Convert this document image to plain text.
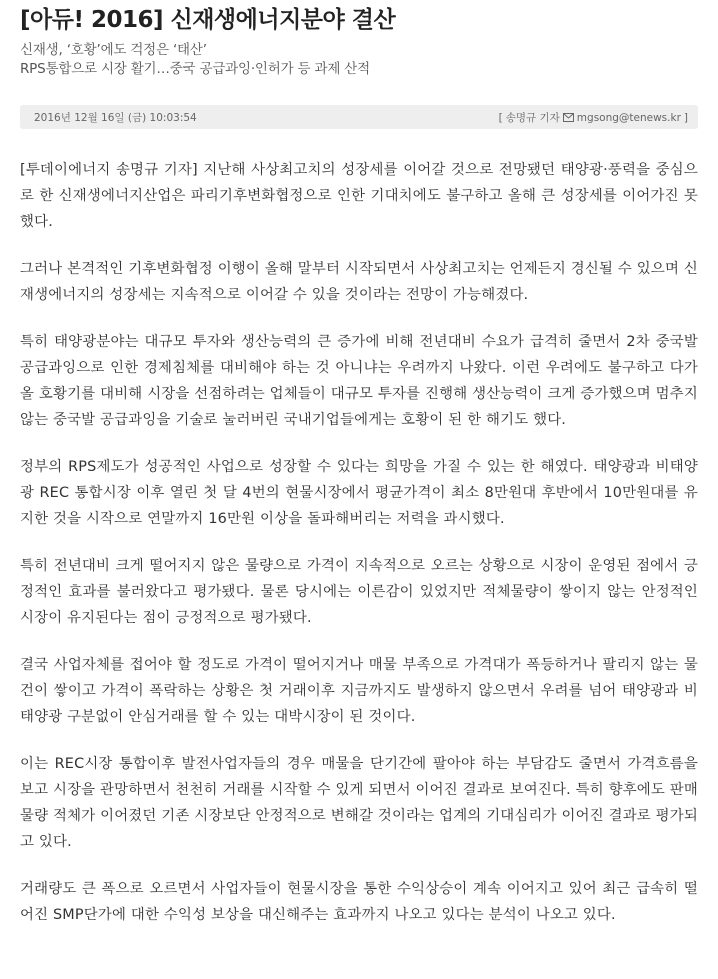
[아듀! 2016] 신재생에너지분야 결산
신재생, ‘호황’에도 걱정은 ‘태산’
RPS통합으로 시장 활기…중국 공급과잉·인허가 등 과제 산적
2016년 12월 16일 (금) 10:03:54	[ 송명규 기자 mgsong@tenews.kr ]

[투데이에너지 송명규 기자] 지난해 사상최고치의 성장세를 이어갈 것으로 전망됐던 태양광·풍력을 중심으로 한 신재생에너지산업은 파리기후변화협정으로 인한 기대치에도 불구하고 올해 큰 성장세를 이어가진 못했다.

그러나 본격적인 기후변화협정 이행이 올해 말부터 시작되면서 사상최고치는 언제든지 경신될 수 있으며 신재생에너지의 성장세는 지속적으로 이어갈 수 있을 것이라는 전망이 가능해졌다.

특히 태양광분야는 대규모 투자와 생산능력의 큰 증가에 비해 전년대비 수요가 급격히 줄면서 2차 중국발 공급과잉으로 인한 경제침체를 대비해야 하는 것 아니냐는 우려까지 나왔다. 이런 우려에도 불구하고 다가올 호황기를 대비해 시장을 선점하려는 업체들이 대규모 투자를 진행해 생산능력이 크게 증가했으며 멈추지 않는 중국발 공급과잉을 기술로 눌러버린 국내기업들에게는 호황이 된 한 해기도 했다.

정부의 RPS제도가 성공적인 사업으로 성장할 수 있다는 희망을 가질 수 있는 한 해였다. 태양광과 비태양광 REC 통합시장 이후 열린 첫 달 4번의 현물시장에서 평균가격이 최소 8만원대 후반에서 10만원대를 유지한 것을 시작으로 연말까지 16만원 이상을 돌파해버리는 저력을 과시했다.

특히 전년대비 크게 떨어지지 않은 물량으로 가격이 지속적으로 오르는 상황으로 시장이 운영된 점에서 긍정적인 효과를 불러왔다고 평가됐다. 물론 당시에는 이른감이 있었지만 적체물량이 쌓이지 않는 안정적인 시장이 유지된다는 점이 긍정적으로 평가됐다.

결국 사업자체를 접어야 할 정도로 가격이 떨어지거나 매물 부족으로 가격대가 폭등하거나 팔리지 않는 물건이 쌓이고 가격이 폭락하는 상황은 첫 거래이후 지금까지도 발생하지 않으면서 우려를 넘어 태양광과 비태양광 구분없이 안심거래를 할 수 있는 대박시장이 된 것이다.

이는 REC시장 통합이후 발전사업자들의 경우 매물을 단기간에 팔아야 하는 부담감도 줄면서 가격흐름을 보고 시장을 관망하면서 천천히 거래를 시작할 수 있게 되면서 이어진 결과로 보여진다. 특히 향후에도 판매물량 적체가 이어졌던 기존 시장보단 안정적으로 변해갈 것이라는 업계의 기대심리가 이어진 결과로 평가되고 있다.

거래량도 큰 폭으로 오르면서 사업자들이 현물시장을 통한 수익상승이 계속 이어지고 있어 최근 급속히 떨어진 SMP단가에 대한 수익성 보상을 대신해주는 효과까지 나오고 있다는 분석이 나오고 있다.
